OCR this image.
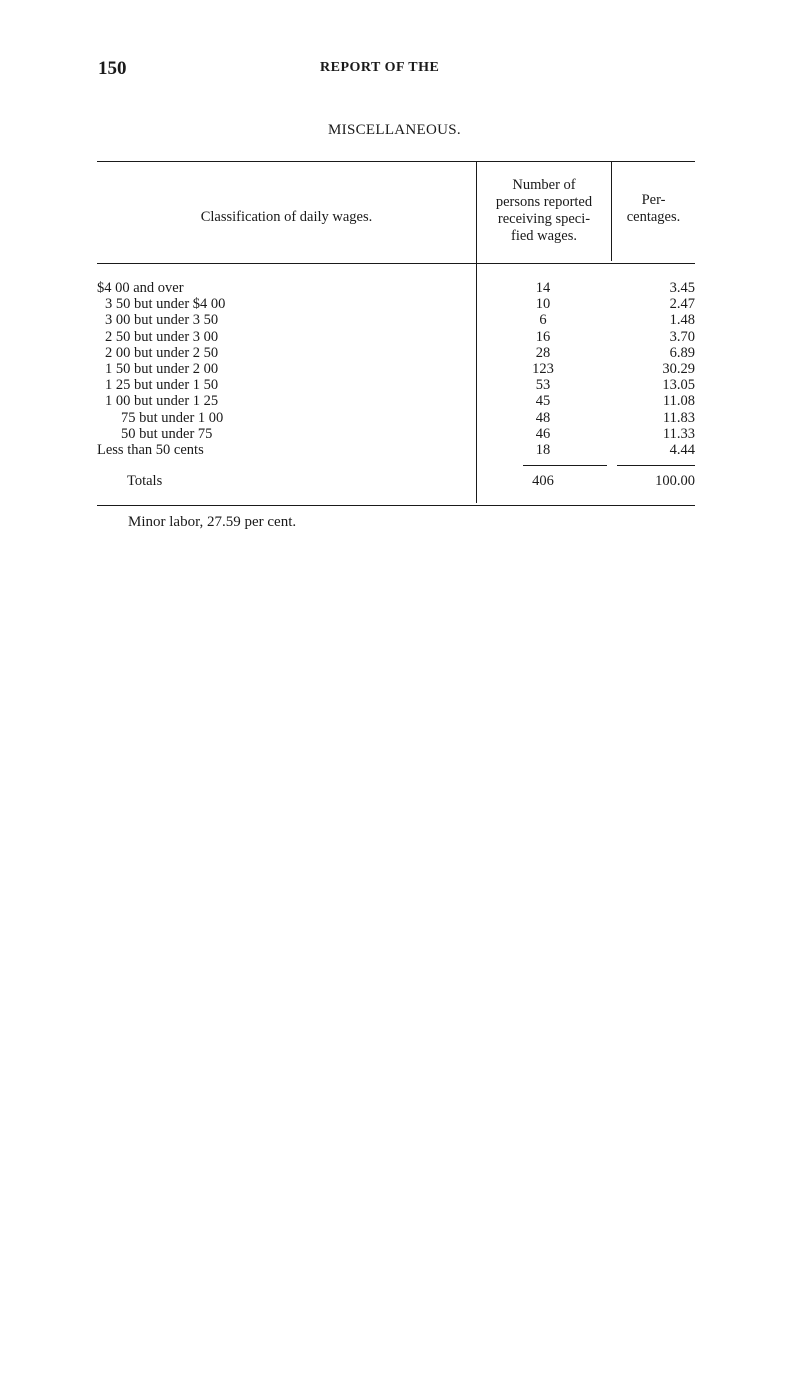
150	REPORT OF THE
MISCELLANEOUS.
Classification of daily wages.
Number of
persons reported
receiving speci-
fied wages.
Per-
centages.
$4 00 and over	14	3.45
3 50 but under $4 00	10	2.47
3 00 but under 3 50	6	1.48
2 50 but under 3 00	16	3.70
2 00 but under 2 50	28	6.89
1 50 but under 2 00	123	30.29
1 25 but under 1 50	53	13.05
1 00 but under 1 25	45	11.08
75 but under 1 00	48	11.83
50 but under 75	46	11.33
Less than 50 cents	18	4.44
Totals	406	100.00
Minor labor, 27.59 per cent.
